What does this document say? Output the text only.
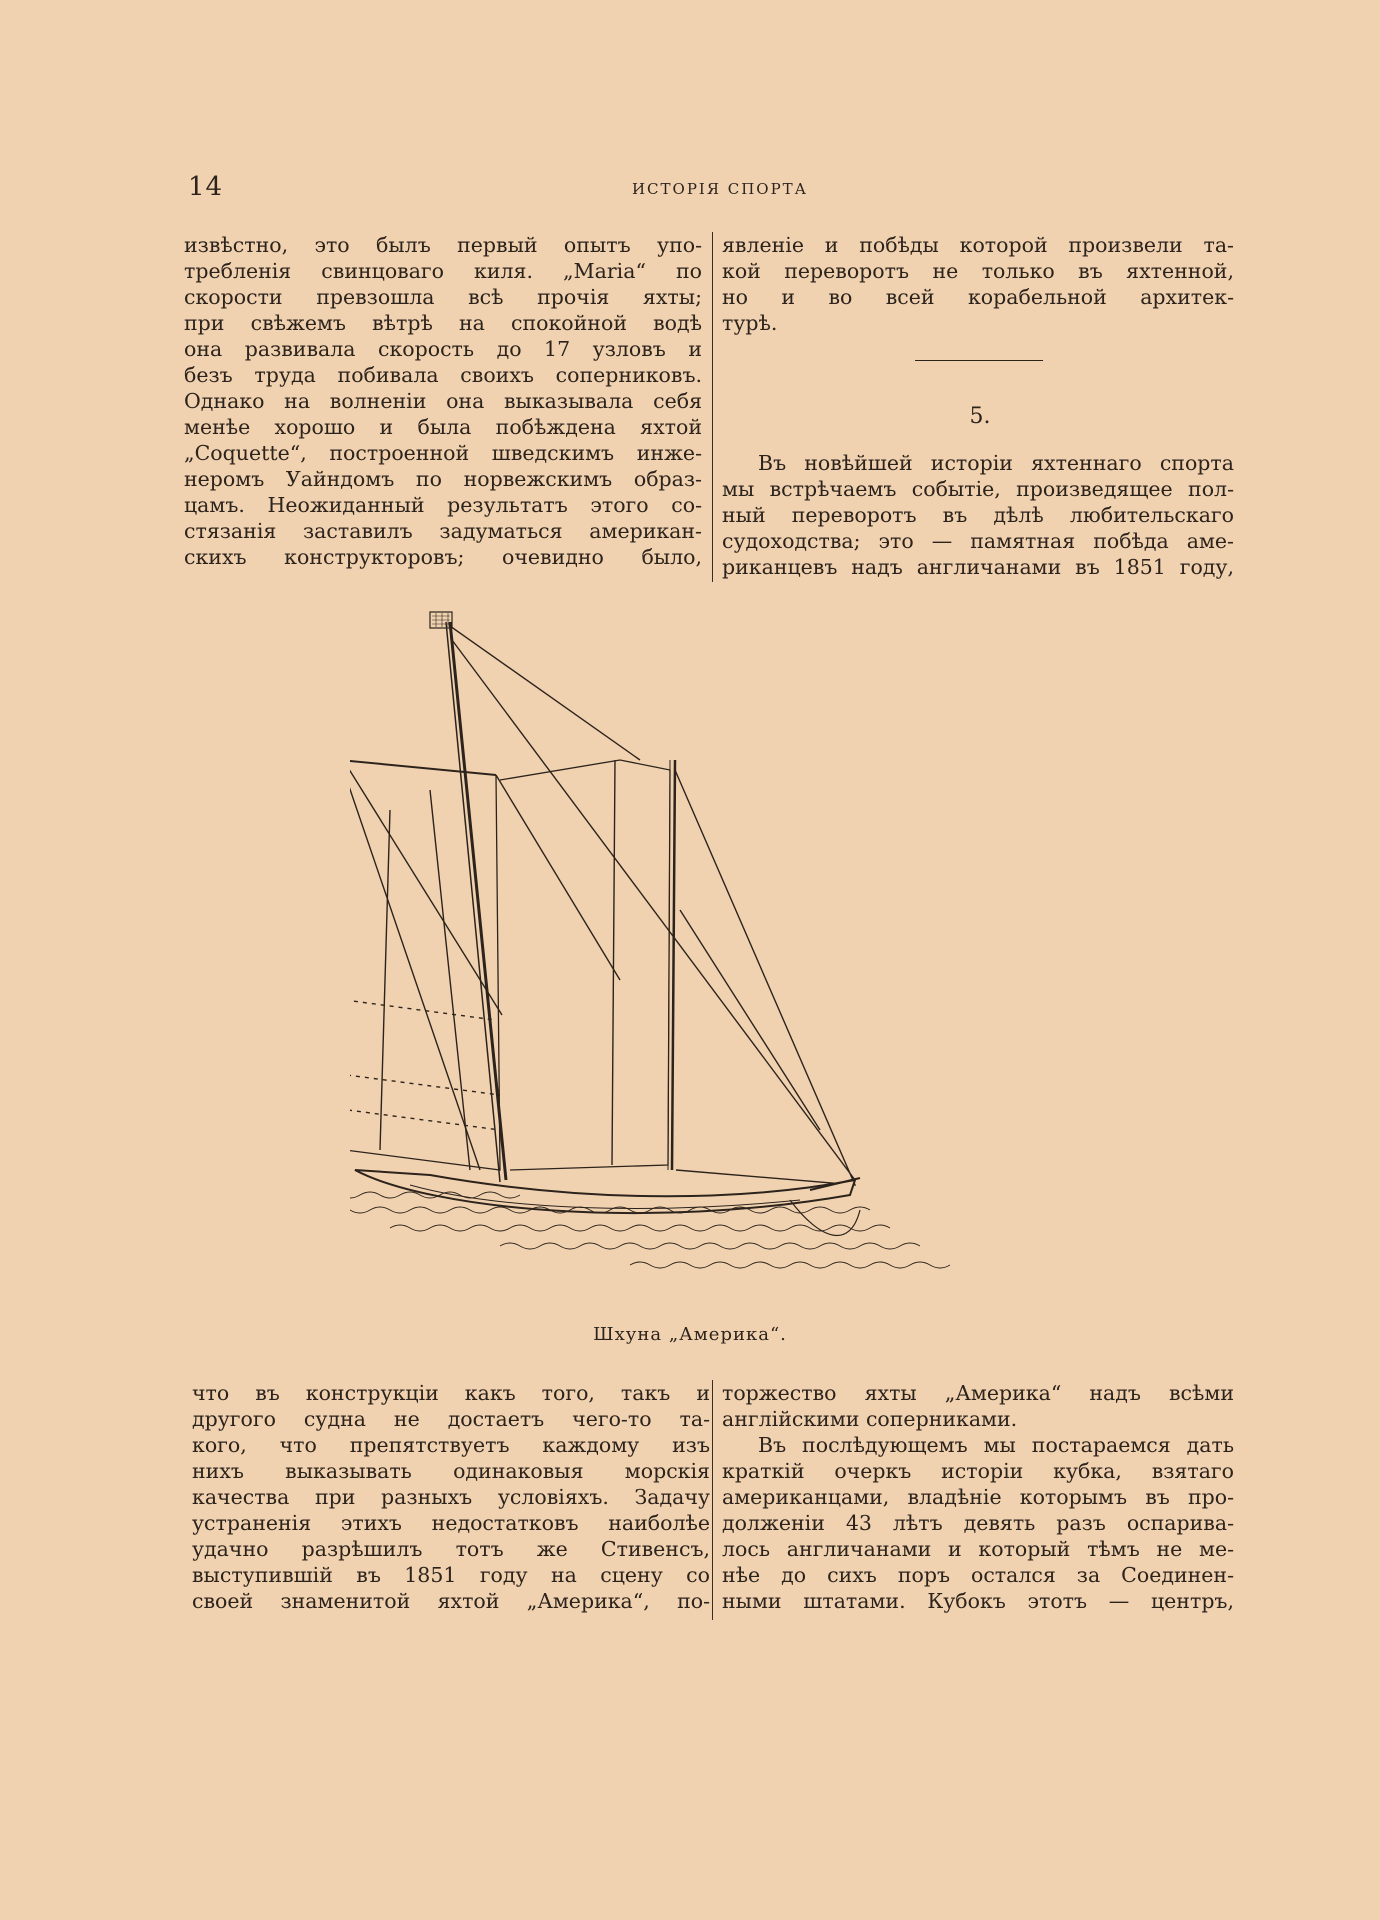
14	ИСТОРІЯ СПОРТА

извѣстно, это былъ первый опытъ упо-
требленія свинцоваго киля. „Maria“ по
скорости превзошла всѣ прочія яхты;
при свѣжемъ вѣтрѣ на спокойной водѣ
она развивала скорость до 17 узловъ и
безъ труда побивала своихъ соперниковъ.
Однако на волненіи она выказывала себя
менѣе хорошо и была побѣждена яхтой
„Coquette“, построенной шведскимъ инже-
неромъ Уайндомъ по норвежскимъ образ-
цамъ. Неожиданный результатъ этого со-
стязанія заставилъ задуматься американ-
скихъ конструкторовъ; очевидно было,

явленіе и побѣды которой произвели та-
кой переворотъ не только въ яхтенной,
но и во всей корабельной архитек-
турѣ.

5.

Въ новѣйшей исторіи яхтеннаго спорта
мы встрѣчаемъ событіе, произведящее пол-
ный переворотъ въ дѣлѣ любительскаго
судоходства; это — памятная побѣда аме-
риканцевъ надъ англичанами въ 1851 году,

Шхуна „Америка“.

что въ конструкціи какъ того, такъ и
другого судна не достаетъ чего-то та-
кого, что препятствуетъ каждому изъ
нихъ выказывать одинаковыя морскія
качества при разныхъ условіяхъ. Задачу
устраненія этихъ недостатковъ наиболѣе
удачно разрѣшилъ тотъ же Стивенсъ,
выступившій въ 1851 году на сцену со
своей знаменитой яхтой „Америка“, по-

торжество яхты „Америка“ надъ всѣми
англійскими соперниками.

Въ послѣдующемъ мы постараемся дать
краткій очеркъ исторіи кубка, взятаго
американцами, владѣніе которымъ въ про-
долженіи 43 лѣтъ девять разъ оспарива-
лось англичанами и который тѣмъ не ме-
нѣе до сихъ поръ остался за Соединен-
ными штатами. Кубокъ этотъ — центръ,
